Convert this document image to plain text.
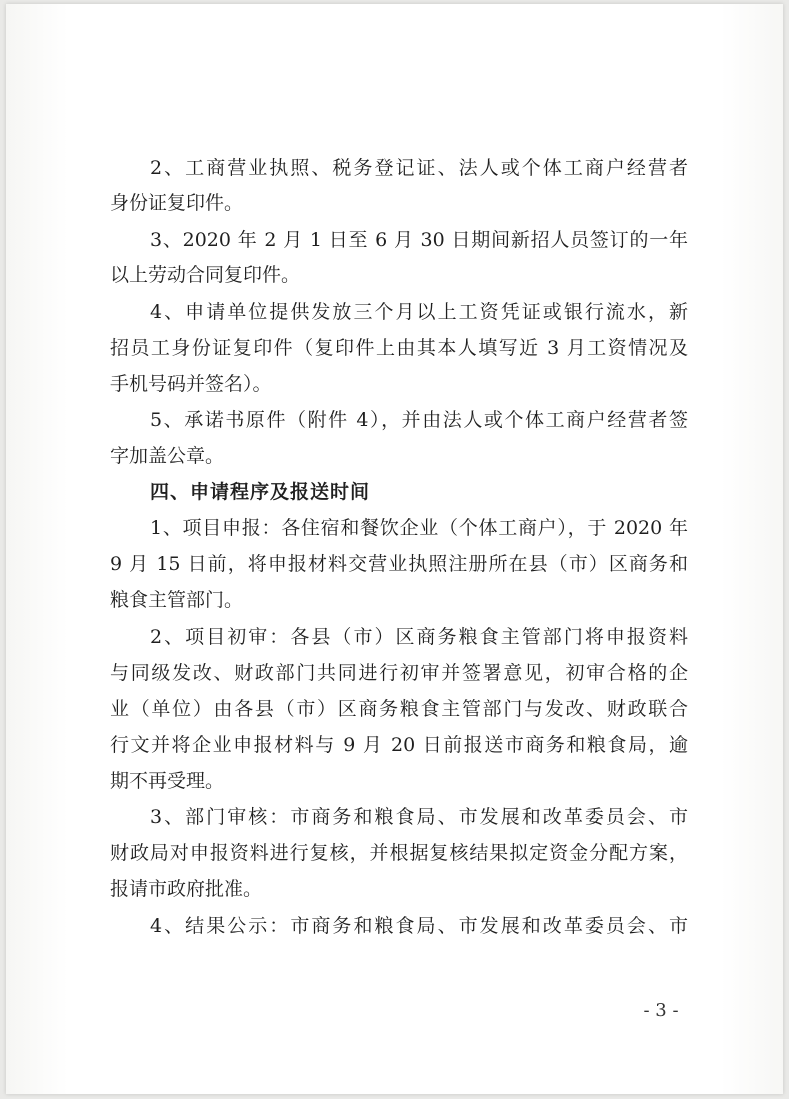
2、工商营业执照、税务登记证、法人或个体工商户经营者
身份证复印件。
3、2020 年 2 月 1 日至 6 月 30 日期间新招人员签订的一年
以上劳动合同复印件。
4、申请单位提供发放三个月以上工资凭证或银行流水，新
招员工身份证复印件（复印件上由其本人填写近 3 月工资情况及
手机号码并签名）。
5、承诺书原件（附件 4），并由法人或个体工商户经营者签
字加盖公章。
四、申请程序及报送时间
1、项目申报：各住宿和餐饮企业（个体工商户），于 2020 年
9 月 15 日前，将申报材料交营业执照注册所在县（市）区商务和
粮食主管部门。
2、项目初审：各县（市）区商务粮食主管部门将申报资料
与同级发改、财政部门共同进行初审并签署意见，初审合格的企
业（单位）由各县（市）区商务粮食主管部门与发改、财政联合
行文并将企业申报材料与 9 月 20 日前报送市商务和粮食局，逾
期不再受理。
3、部门审核：市商务和粮食局、市发展和改革委员会、市
财政局对申报资料进行复核，并根据复核结果拟定资金分配方案，
报请市政府批准。
4、结果公示：市商务和粮食局、市发展和改革委员会、市
- 3 -
